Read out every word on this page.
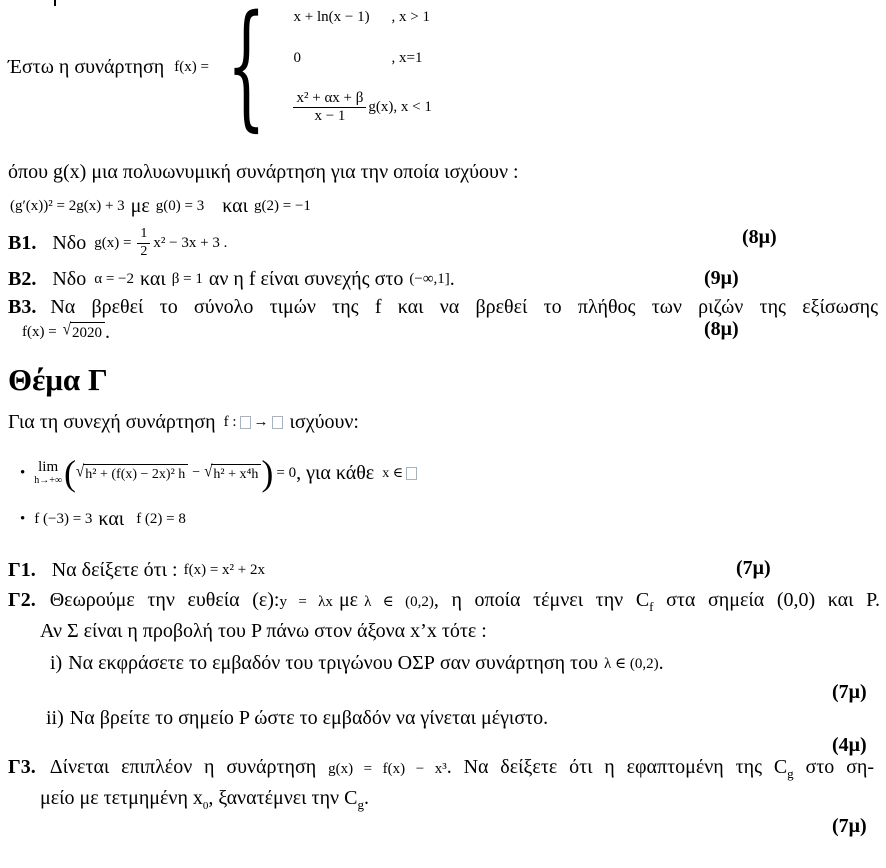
Έστω η συνάρτηση f(x) = { x + ln(x − 1)	, x > 1
0	, x=1
$\frac{\text{x² + αx + β}}{x - 1} g(x)$ , x < 1
όπου g(x) μια πολυωνυμική συνάρτηση για την οποία ισχύουν :
(g′(x))² = 2g(x) + 3 με g(0) = 3 και g(2) = −1
B1. Νδο $g(x) = \frac{1}{2} x^2 - 3x + 3$ .	(8μ)
B2. Νδο α = −2 και β = 1 αν η f είναι συνεχής στο (−∞,1] .	(9μ)
B3. Να βρεθεί το σύνολο τιμών της f και να βρεθεί το πλήθος των ριζών της εξίσωσης
f(x) = √ 2020 .	(8μ)
Θέμα Γ
Για τη συνεχή συνάρτηση f : → ισχύουν:
• lim
h→+∞ ( √ h² + (f(x) − 2x)² h − √ h² + x⁴h ) = 0 , για κάθε x ∈
• f (−3) = 3 και f (2) = 8
Γ1. Να δείξετε ότι : f(x) = x² + 2x	(7μ)
Γ2. Θεωρούμε την ευθεία (ε):y = λx με λ ∈ (0,2), η οποία τέμνει την $C_f$ στα σημεία (0,0) και P.
Αν Σ είναι η προβολή του P πάνω στον άξονα x’x τότε :
i) Να εκφράσετε το εμβαδόν του τριγώνου ΟΣΡ σαν συνάρτηση του λ ∈ (0,2) .
(7μ)
ii) Να βρείτε το σημείο P ώστε το εμβαδόν να γίνεται μέγιστο.
(4μ)
Γ3. Δίνεται επιπλέον η συνάρτηση g(x) = f(x) − x³. Να δείξετε ότι η εφαπτομένη της $C_g$ στο ση-
μείο με τετμημένη $x_0$, ξανατέμνει την $C_g$.
(7μ)
